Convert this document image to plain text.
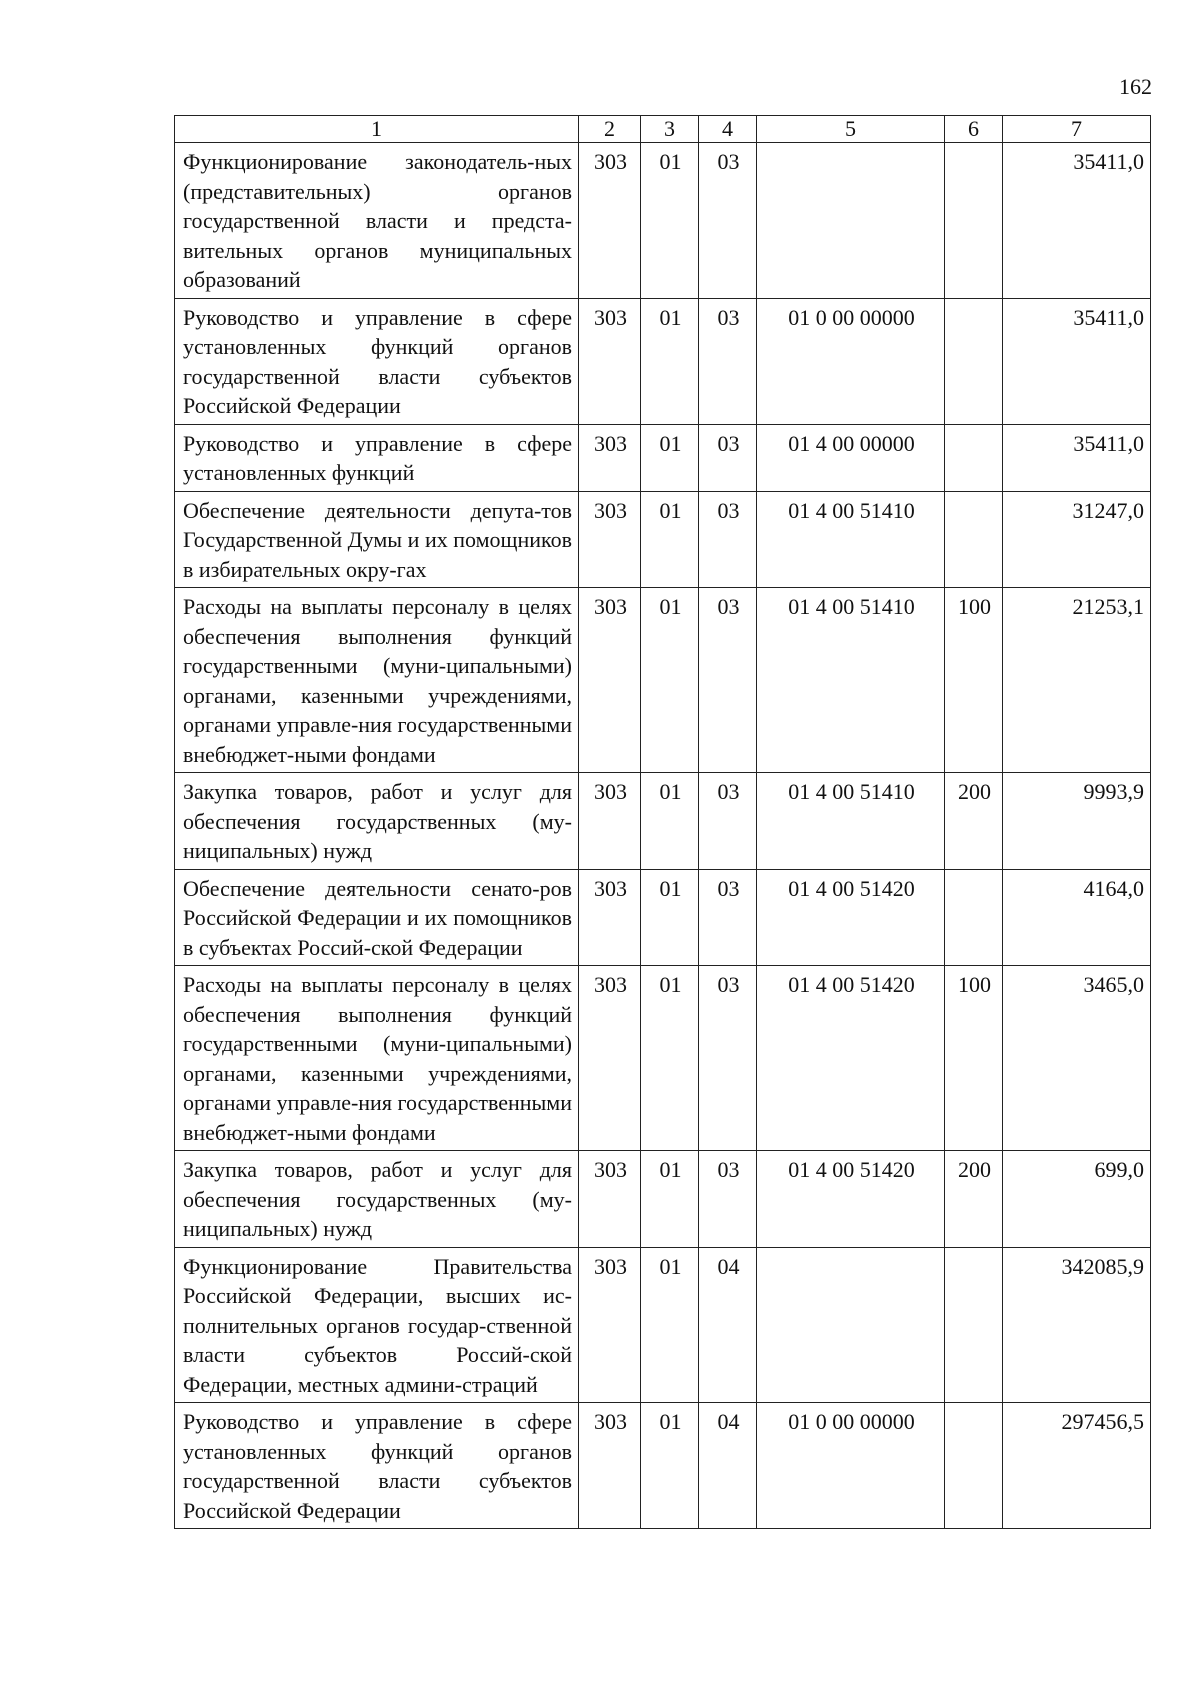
162
1	2	3	4	5	6	7
Функционирование законодатель-ных (представительных) органов государственной власти и предста-вительных органов муниципальных образований	303	01	03			35411,0
Руководство и управление в сфере установленных функций органов государственной власти субъектов Российской Федерации	303	01	03	01 0 00 00000		35411,0
Руководство и управление в сфере установленных функций	303	01	03	01 4 00 00000		35411,0
Обеспечение деятельности депута-тов Государственной Думы и их помощников в избирательных окру-гах	303	01	03	01 4 00 51410		31247,0
Расходы на выплаты персоналу в целях обеспечения выполнения функций государственными (муни-ципальными) органами, казенными учреждениями, органами управле-ния государственными внебюджет-ными фондами	303	01	03	01 4 00 51410	100	21253,1
Закупка товаров, работ и услуг для обеспечения государственных (му-ниципальных) нужд	303	01	03	01 4 00 51410	200	9993,9
Обеспечение деятельности сенато-ров Российской Федерации и их помощников в субъектах Россий-ской Федерации	303	01	03	01 4 00 51420		4164,0
Расходы на выплаты персоналу в целях обеспечения выполнения функций государственными (муни-ципальными) органами, казенными учреждениями, органами управле-ния государственными внебюджет-ными фондами	303	01	03	01 4 00 51420	100	3465,0
Закупка товаров, работ и услуг для обеспечения государственных (му-ниципальных) нужд	303	01	03	01 4 00 51420	200	699,0
Функционирование Правительства Российской Федерации, высших ис-полнительных органов государ-ственной власти субъектов Россий-ской Федерации, местных админи-страций	303	01	04			342085,9
Руководство и управление в сфере установленных функций органов государственной власти субъектов Российской Федерации	303	01	04	01 0 00 00000		297456,5
